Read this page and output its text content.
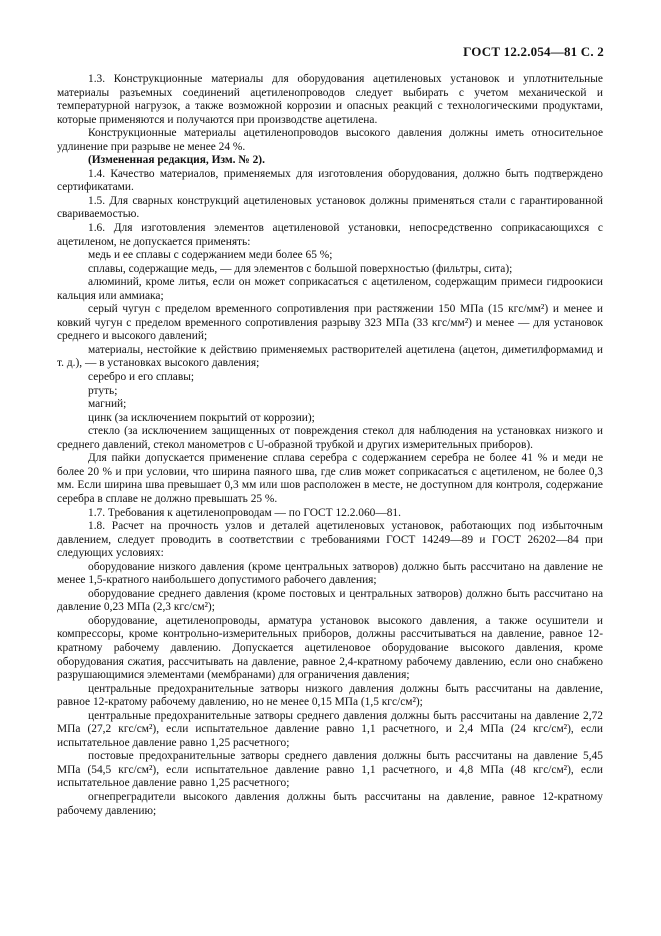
ГОСТ 12.2.054—81 С. 2

1.3. Конструкционные материалы для оборудования ацетиленовых установок и уплотнительные материалы разъемных соединений ацетиленопроводов следует выбирать с учетом механической и температурной нагрузок, а также возможной коррозии и опасных реакций с технологическими продуктами, которые применяются и получаются при производстве ацетилена.

Конструкционные материалы ацетиленопроводов высокого давления должны иметь относительное удлинение при разрыве не менее 24 %.

(Измененная редакция, Изм. № 2).

1.4. Качество материалов, применяемых для изготовления оборудования, должно быть подтверждено сертификатами.

1.5. Для сварных конструкций ацетиленовых установок должны применяться стали с гарантированной свариваемостью.

1.6. Для изготовления элементов ацетиленовой установки, непосредственно соприкасающихся с ацетиленом, не допускается применять:

медь и ее сплавы с содержанием меди более 65 %;

сплавы, содержащие медь, — для элементов с большой поверхностью (фильтры, сита);

алюминий, кроме литья, если он может соприкасаться с ацетиленом, содержащим примеси гидроокиси кальция или аммиака;

серый чугун с пределом временного сопротивления при растяжении 150 МПа (15 кгс/мм²) и менее и ковкий чугун с пределом временного сопротивления разрыву 323 МПа (33 кгс/мм²) и менее — для установок среднего и высокого давлений;

материалы, нестойкие к действию применяемых растворителей ацетилена (ацетон, диметилформамид и т. д.), — в установках высокого давления;

серебро и его сплавы;

ртуть;

магний;

цинк (за исключением покрытий от коррозии);

стекло (за исключением защищенных от повреждения стекол для наблюдения на установках низкого и среднего давлений, стекол манометров с U-образной трубкой и других измерительных приборов).

Для пайки допускается применение сплава серебра с содержанием серебра не более 41 % и меди не более 20 % и при условии, что ширина паяного шва, где слив может соприкасаться с ацетиленом, не более 0,3 мм. Если ширина шва превышает 0,3 мм или шов расположен в месте, не доступном для контроля, содержание серебра в сплаве не должно превышать 25 %.

1.7. Требования к ацетиленопроводам — по ГОСТ 12.2.060—81.

1.8. Расчет на прочность узлов и деталей ацетиленовых установок, работающих под избыточным давлением, следует проводить в соответствии с требованиями ГОСТ 14249—89 и ГОСТ 26202—84 при следующих условиях:

оборудование низкого давления (кроме центральных затворов) должно быть рассчитано на давление не менее 1,5-кратного наибольшего допустимого рабочего давления;

оборудование среднего давления (кроме постовых и центральных затворов) должно быть рассчитано на давление 0,23 МПа (2,3 кгс/см²);

оборудование, ацетиленопроводы, арматура установок высокого давления, а также осушители и компрессоры, кроме контрольно-измерительных приборов, должны рассчитываться на давление, равное 12-кратному рабочему давлению. Допускается ацетиленовое оборудование высокого давления, кроме оборудования сжатия, рассчитывать на давление, равное 2,4-кратному рабочему давлению, если оно снабжено разрушающимися элементами (мембранами) для ограничения давления;

центральные предохранительные затворы низкого давления должны быть рассчитаны на давление, равное 12-кратому рабочему давлению, но не менее 0,15 МПа (1,5 кгс/см²);

центральные предохранительные затворы среднего давления должны быть рассчитаны на давление 2,72 МПа (27,2 кгс/см²), если испытательное давление равно 1,1 расчетного, и 2,4 МПа (24 кгс/см²), если испытательное давление равно 1,25 расчетного;

постовые предохранительные затворы среднего давления должны быть рассчитаны на давление 5,45 МПа (54,5 кгс/см²), если испытательное давление равно 1,1 расчетного, и 4,8 МПа (48 кгс/см²), если испытательное давление равно 1,25 расчетного;

огнепреградители высокого давления должны быть рассчитаны на давление, равное 12-кратному рабочему давлению;
